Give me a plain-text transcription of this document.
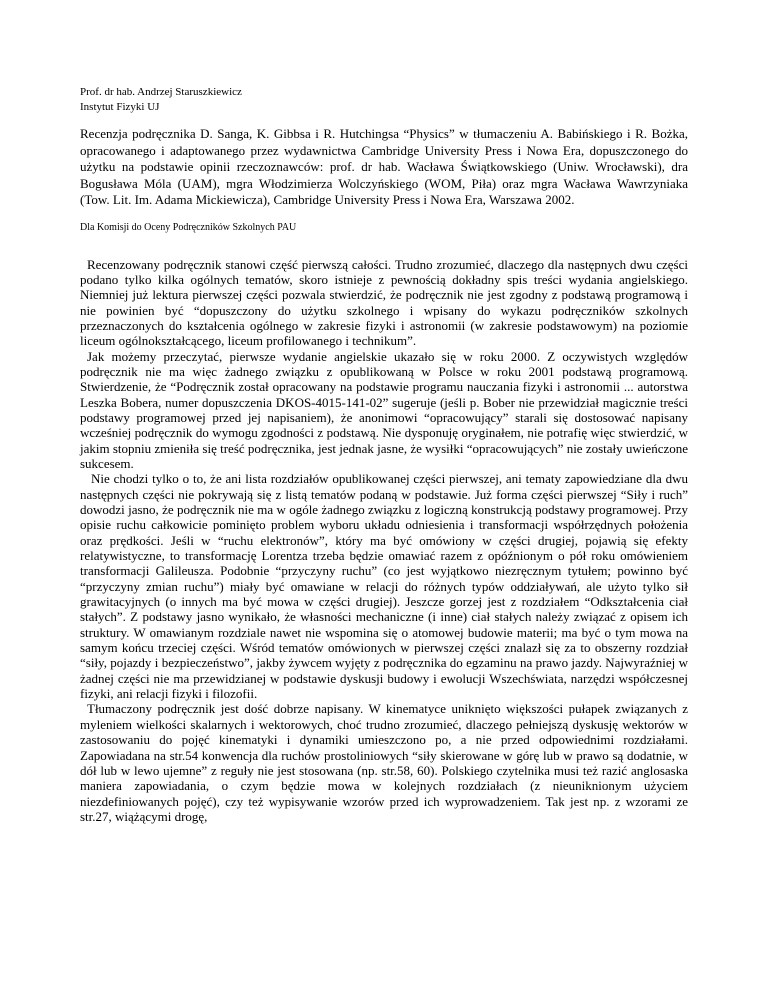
Prof. dr hab. Andrzej Staruszkiewicz

Instytut Fizyki UJ

Recenzja podręcznika D. Sanga, K. Gibbsa i R. Hutchingsa “Physics” w tłumaczeniu A. Babińskiego i R. Bożka, opracowanego i adaptowanego przez wydawnictwa Cambridge University Press i Nowa Era, dopuszczonego do użytku na podstawie opinii rzeczoznawców: prof. dr hab. Wacława Świątkowskiego (Uniw. Wrocławski), dra Bogusława Móla (UAM), mgra Włodzimierza Wolczyńskiego (WOM, Piła) oraz mgra Wacława Wawrzyniaka (Tow. Lit. Im. Adama Mickiewicza), Cambridge University Press i Nowa Era, Warszawa 2002.

Dla Komisji do Oceny Podręczników Szkolnych PAU

Recenzowany podręcznik stanowi część pierwszą całości. Trudno zrozumieć, dlaczego dla następnych dwu części podano tylko kilka ogólnych tematów, skoro istnieje z pewnością dokładny spis treści wydania angielskiego. Niemniej już lektura pierwszej części pozwala stwierdzić, że podręcznik nie jest zgodny z podstawą programową i nie powinien być “dopuszczony do użytku szkolnego i wpisany do wykazu podręczników szkolnych przeznaczonych do kształcenia ogólnego w zakresie fizyki i astronomii (w zakresie podstawowym) na poziomie liceum ogólnokształcącego, liceum profilowanego i technikum”.

Jak możemy przeczytać, pierwsze wydanie angielskie ukazało się w roku 2000. Z oczywistych względów podręcznik nie ma więc żadnego związku z opublikowaną w Polsce w roku 2001 podstawą programową. Stwierdzenie, że “Podręcznik został opracowany na podstawie programu nauczania fizyki i astronomii ... autorstwa Leszka Bobera, numer dopuszczenia DKOS-4015-141-02” sugeruje (jeśli p. Bober nie przewidział magicznie treści podstawy programowej przed jej napisaniem), że anonimowi “opracowujący” starali się dostosować napisany wcześniej podręcznik do wymogu zgodności z podstawą. Nie dysponuję oryginałem, nie potrafię więc stwierdzić, w jakim stopniu zmieniła się treść podręcznika, jest jednak jasne, że wysiłki “opracowujących” nie zostały uwieńczone sukcesem.

Nie chodzi tylko o to, że ani lista rozdziałów opublikowanej części pierwszej, ani tematy zapowiedziane dla dwu następnych części nie pokrywają się z listą tematów podaną w podstawie. Już forma części pierwszej “Siły i ruch” dowodzi jasno, że podręcznik nie ma w ogóle żadnego związku z logiczną konstrukcją podstawy programowej. Przy opisie ruchu całkowicie pominięto problem wyboru układu odniesienia i transformacji współrzędnych położenia oraz prędkości. Jeśli w “ruchu elektronów”, który ma być omówiony w części drugiej, pojawią się efekty relatywistyczne, to transformację Lorentza trzeba będzie omawiać razem z opóźnionym o pół roku omówieniem transformacji Galileusza. Podobnie “przyczyny ruchu” (co jest wyjątkowo niezręcznym tytułem; powinno być “przyczyny zmian ruchu”) miały być omawiane w relacji do różnych typów oddziaływań, ale użyto tylko sił grawitacyjnych (o innych ma być mowa w części drugiej). Jeszcze gorzej jest z rozdziałem “Odkształcenia ciał stałych”. Z podstawy jasno wynikało, że własności mechaniczne (i inne) ciał stałych należy związać z opisem ich struktury. W omawianym rozdziale nawet nie wspomina się o atomowej budowie materii; ma być o tym mowa na samym końcu trzeciej części. Wśród tematów omówionych w pierwszej części znalazł się za to obszerny rozdział “siły, pojazdy i bezpieczeństwo”, jakby żywcem wyjęty z podręcznika do egzaminu na prawo jazdy. Najwyraźniej w żadnej części nie ma przewidzianej w podstawie dyskusji budowy i ewolucji Wszechświata, narzędzi współczesnej fizyki, ani relacji fizyki i filozofii.

Tłumaczony podręcznik jest dość dobrze napisany. W kinematyce uniknięto większości pułapek związanych z myleniem wielkości skalarnych i wektorowych, choć trudno zrozumieć, dlaczego pełniejszą dyskusję wektorów w zastosowaniu do pojęć kinematyki i dynamiki umieszczono po, a nie przed odpowiednimi rozdziałami. Zapowiadana na str.54 konwencja dla ruchów prostoliniowych “siły skierowane w górę lub w prawo są dodatnie, w dół lub w lewo ujemne” z reguły nie jest stosowana (np. str.58, 60). Polskiego czytelnika musi też razić anglosaska maniera zapowiadania, o czym będzie mowa w kolejnych rozdziałach (z nieuniknionym użyciem niezdefiniowanych pojęć), czy też wypisywanie wzorów przed ich wyprowadzeniem. Tak jest np. z wzorami ze str.27, wiążącymi drogę,
